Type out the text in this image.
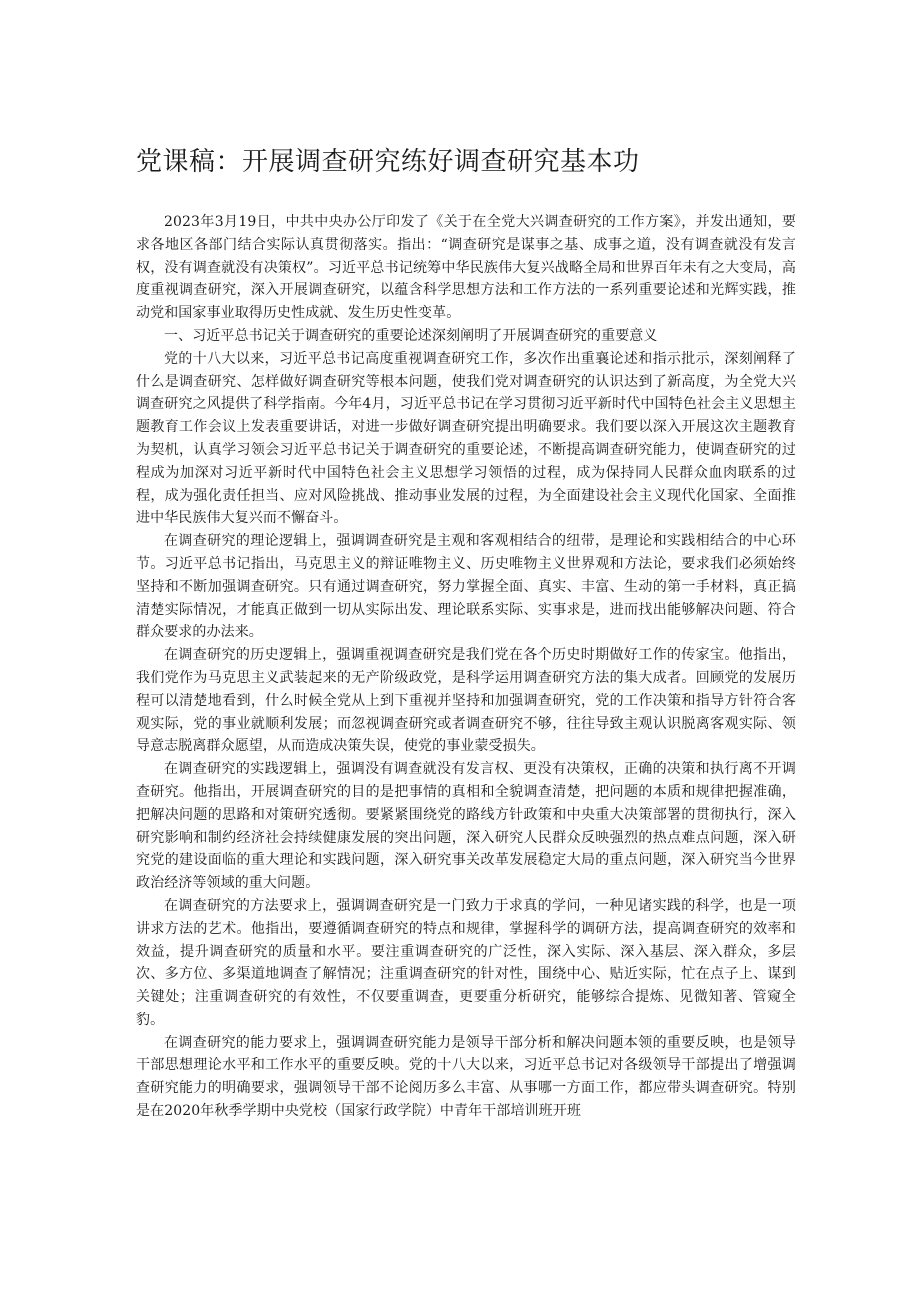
党课稿：开展调查研究练好调查研究基本功

2023年3月19日，中共中央办公厅印发了《关于在全党大兴调查研究的工作方案》，并发出通知，要求各地区各部门结合实际认真贯彻落实。指出：“调查研究是谋事之基、成事之道，没有调查就没有发言权，没有调查就没有决策权”。习近平总书记统筹中华民族伟大复兴战略全局和世界百年未有之大变局，高度重视调查研究，深入开展调查研究，以蕴含科学思想方法和工作方法的一系列重要论述和光辉实践，推动党和国家事业取得历史性成就、发生历史性变革。

一、习近平总书记关于调查研究的重要论述深刻阐明了开展调查研究的重要意义

党的十八大以来，习近平总书记高度重视调查研究工作，多次作出重襄论述和指示批示，深刻阐释了什么是调查研究、怎样做好调查研究等根本问题，使我们党对调查研究的认识达到了新高度，为全党大兴调查研究之风提供了科学指南。今年4月，习近平总书记在学习贯彻习近平新时代中国特色社会主义思想主题教育工作会议上发表重要讲话，对进一步做好调查研究提出明确要求。我们要以深入开展这次主题教育为契机，认真学习领会习近平总书记关于调查研究的重要论述，不断提高调查研究能力，使调查研究的过程成为加深对习近平新时代中国特色社会主义思想学习领悟的过程，成为保持同人民群众血肉联系的过程，成为强化责任担当、应对风险挑战、推动事业发展的过程，为全面建设社会主义现代化国家、全面推进中华民族伟大复兴而不懈奋斗。

在调查研究的理论逻辑上，强调调查研究是主观和客观相结合的纽带，是理论和实践相结合的中心环节。习近平总书记指出，马克思主义的辩证唯物主义、历史唯物主义世界观和方法论，要求我们必须始终坚持和不断加强调查研究。只有通过调查研究，努力掌握全面、真实、丰富、生动的第一手材料，真正搞清楚实际情况，才能真正做到一切从实际出发、理论联系实际、实事求是，进而找出能够解决问题、符合群众要求的办法来。

在调查研究的历史逻辑上，强调重视调查研究是我们党在各个历史时期做好工作的传家宝。他指出，我们党作为马克思主义武装起来的无产阶级政党，是科学运用调查研究方法的集大成者。回顾党的发展历程可以清楚地看到，什么时候全党从上到下重视并坚持和加强调查研究，党的工作决策和指导方针符合客观实际，党的事业就顺利发展；而忽视调查研究或者调查研究不够，往往导致主观认识脱离客观实际、领导意志脱离群众愿望，从而造成决策失误，使党的事业蒙受损失。

在调查研究的实践逻辑上，强调没有调查就没有发言权、更没有决策权，正确的决策和执行离不开调查研究。他指出，开展调查研究的目的是把事情的真相和全貌调查清楚，把问题的本质和规律把握准确，把解决问题的思路和对策研究透彻。要紧紧围绕党的路线方针政策和中央重大决策部署的贯彻执行，深入研究影响和制约经济社会持续健康发展的突出问题，深入研究人民群众反映强烈的热点难点问题，深入研究党的建设面临的重大理论和实践问题，深入研究事关改革发展稳定大局的重点问题，深入研究当今世界政治经济等领域的重大问题。

在调查研究的方法要求上，强调调查研究是一门致力于求真的学问，一种见诸实践的科学，也是一项讲求方法的艺术。他指出，要遵循调查研究的特点和规律，掌握科学的调研方法，提高调查研究的效率和效益，提升调查研究的质量和水平。要注重调查研究的广泛性，深入实际、深入基层、深入群众，多层次、多方位、多渠道地调查了解情况；注重调查研究的针对性，围绕中心、贴近实际，忙在点子上、谋到关键处；注重调查研究的有效性，不仅要重调查，更要重分析研究，能够综合提炼、见微知著、管窥全豹。

在调查研究的能力要求上，强调调查研究能力是领导干部分析和解决问题本领的重要反映，也是领导干部思想理论水平和工作水平的重要反映。党的十八大以来，习近平总书记对各级领导干部提出了增强调查研究能力的明确要求，强调领导干部不论阅历多么丰富、从事哪一方面工作，都应带头调查研究。特别是在2020年秋季学期中央党校（国家行政学院）中青年干部培训班开班
